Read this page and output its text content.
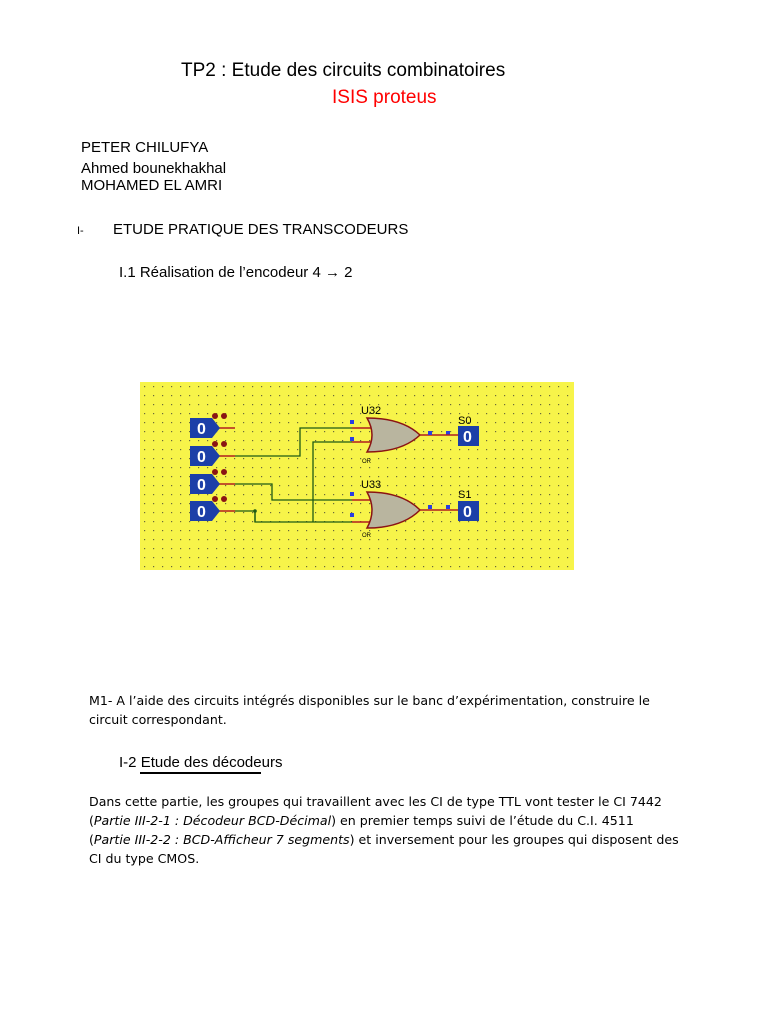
TP2 : Etude des circuits combinatoires
ISIS proteus
PETER CHILUFYA
Ahmed bounekhakhal
MOHAMED EL AMRI
I- ETUDE PRATIQUE DES TRANSCODEURS
I.1 Réalisation de l’encodeur 4 → 2
0
0
0
0
U32
OR
U33
OR
0
S0
0
S1
M1- A l’aide des circuits intégrés disponibles sur le banc d’expérimentation, construire le circuit correspondant.
I-2 Etude des décodeurs
Dans cette partie, les groupes qui travaillent avec les CI de type TTL vont tester le CI 7442 (Partie III-2-1 : Décodeur BCD-Décimal) en premier temps suivi de l’étude du C.I. 4511 (Partie III-2-2 : BCD-Afficheur 7 segments) et inversement pour les groupes qui disposent des CI du type CMOS.
